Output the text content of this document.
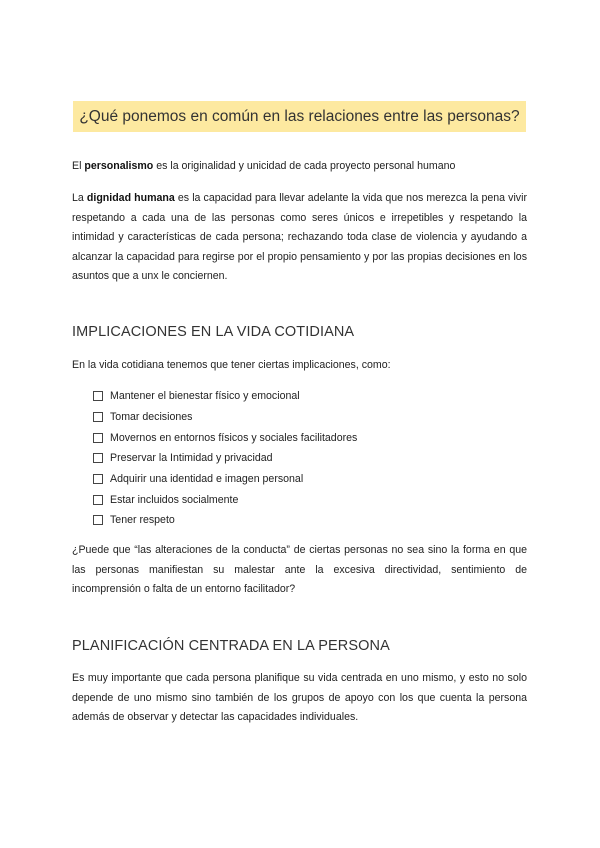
¿Qué ponemos en común en las relaciones entre las personas?

El personalismo es la originalidad y unicidad de cada proyecto personal humano

La dignidad humana es la capacidad para llevar adelante la vida que nos merezca la pena vivir respetando a cada una de las personas como seres únicos e irrepetibles y respetando la intimidad y características de cada persona; rechazando toda clase de violencia y ayudando a alcanzar la capacidad para regirse por el propio pensamiento y por las propias decisiones en los asuntos que a unx le conciernen.

IMPLICACIONES EN LA VIDA COTIDIANA

En la vida cotidiana tenemos que tener ciertas implicaciones, como:

Mantener el bienestar físico y emocional
Tomar decisiones
Movernos en entornos físicos y sociales facilitadores
Preservar la Intimidad y privacidad
Adquirir una identidad e imagen personal
Estar incluidos socialmente
Tener respeto

¿Puede que “las alteraciones de la conducta” de ciertas personas no sea sino la forma en que las personas manifiestan su malestar ante la excesiva directividad, sentimiento de incomprensión o falta de un entorno facilitador?

PLANIFICACIÓN CENTRADA EN LA PERSONA

Es muy importante que cada persona planifique su vida centrada en uno mismo, y esto no solo depende de uno mismo sino también de los grupos de apoyo con los que cuenta la persona además de observar y detectar las capacidades individuales.
